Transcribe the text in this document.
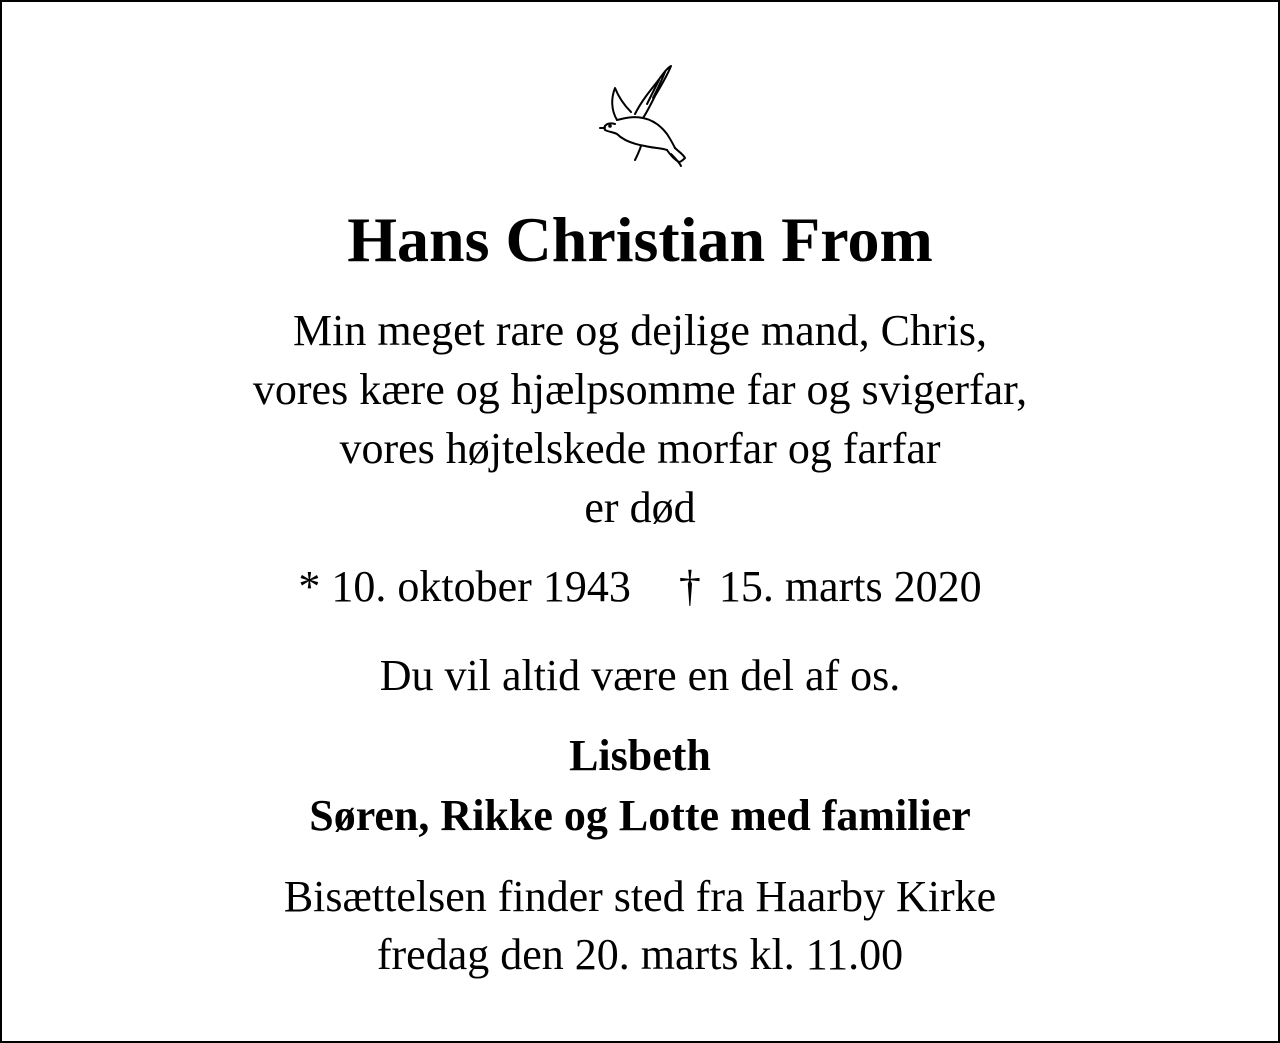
Hans Christian From
Min meget rare og dejlige mand, Chris,
vores kære og hjælpsomme far og svigerfar,
vores højtelskede morfar og farfar
er død
* 10. oktober 1943 † 15. marts 2020
Du vil altid være en del af os.
Lisbeth
Søren, Rikke og Lotte med familier
Bisættelsen finder sted fra Haarby Kirke
fredag den 20. marts kl. 11.00
